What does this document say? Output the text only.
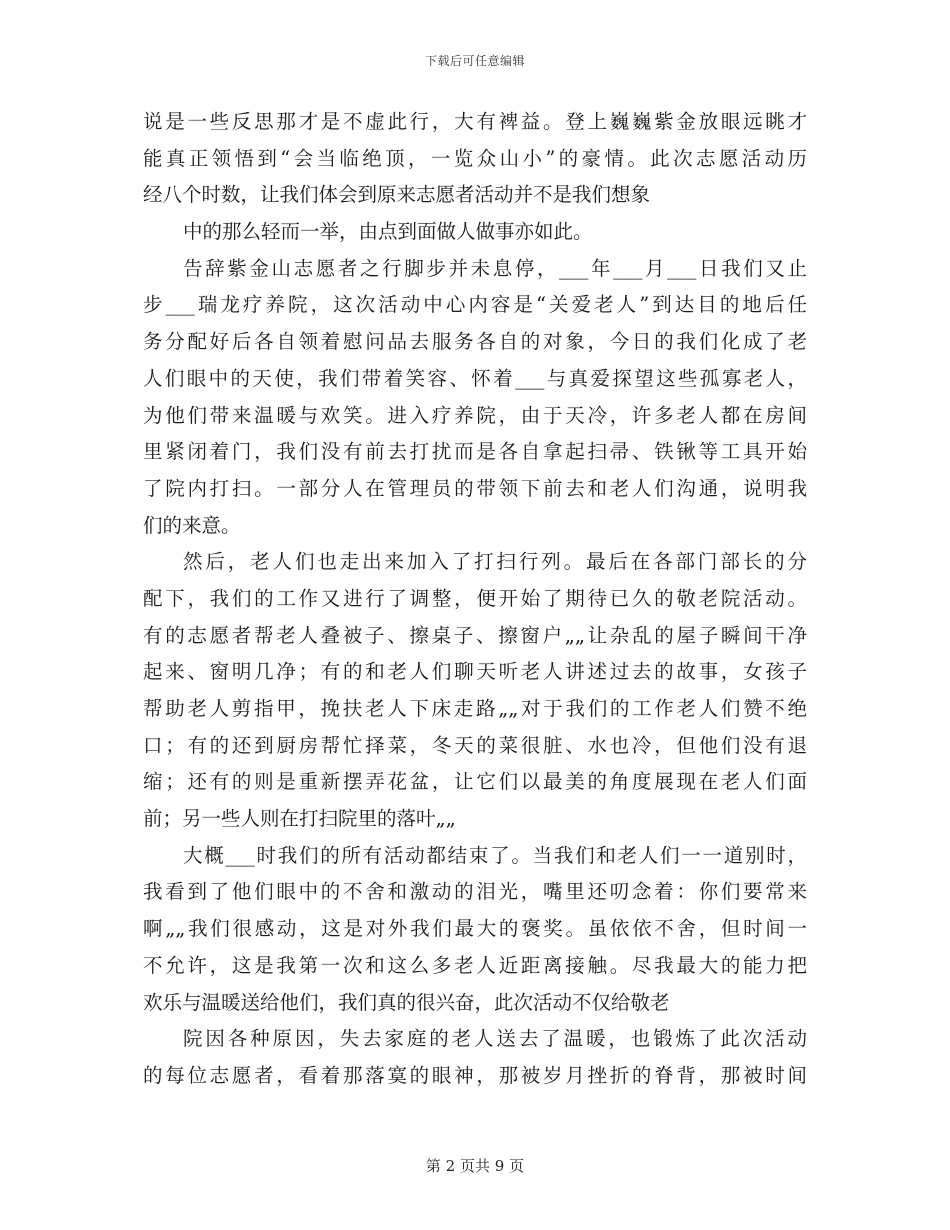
下载后可任意编辑
说是一些反思那才是不虚此行，大有裨益。登上巍巍紫金放眼远眺才
能真正领悟到“会当临绝顶，一览众山小”的豪情。此次志愿活动历
经八个时数，让我们体会到原来志愿者活动并不是我们想象
中的那么轻而一举，由点到面做人做事亦如此。
告辞紫金山志愿者之行脚步并未息停，___年___月___日我们又止
步___瑞龙疗养院，这次活动中心内容是“关爱老人”到达目的地后任
务分配好后各自领着慰问品去服务各自的对象，今日的我们化成了老
人们眼中的天使，我们带着笑容、怀着___与真爱探望这些孤寡老人，
为他们带来温暖与欢笑。进入疗养院，由于天冷，许多老人都在房间
里紧闭着门，我们没有前去打扰而是各自拿起扫帚、铁锹等工具开始
了院内打扫。一部分人在管理员的带领下前去和老人们沟通，说明我
们的来意。
然后，老人们也走出来加入了打扫行列。最后在各部门部长的分
配下，我们的工作又进行了调整，便开始了期待已久的敬老院活动。
有的志愿者帮老人叠被子、擦桌子、擦窗户„„让杂乱的屋子瞬间干净
起来、窗明几净；有的和老人们聊天听老人讲述过去的故事，女孩子
帮助老人剪指甲，挽扶老人下床走路„„对于我们的工作老人们赞不绝
口；有的还到厨房帮忙择菜，冬天的菜很脏、水也冷，但他们没有退
缩；还有的则是重新摆弄花盆，让它们以最美的角度展现在老人们面
前；另一些人则在打扫院里的落叶„„
大概___时我们的所有活动都结束了。当我们和老人们一一道别时，
我看到了他们眼中的不舍和激动的泪光，嘴里还叨念着：你们要常来
啊„„我们很感动，这是对外我们最大的褒奖。虽依依不舍，但时间一
不允许，这是我第一次和这么多老人近距离接触。尽我最大的能力把
欢乐与温暖送给他们，我们真的很兴奋，此次活动不仅给敬老
院因各种原因，失去家庭的老人送去了温暖，也锻炼了此次活动
的每位志愿者，看着那落寞的眼神，那被岁月挫折的脊背，那被时间
第 2 页共 9 页
